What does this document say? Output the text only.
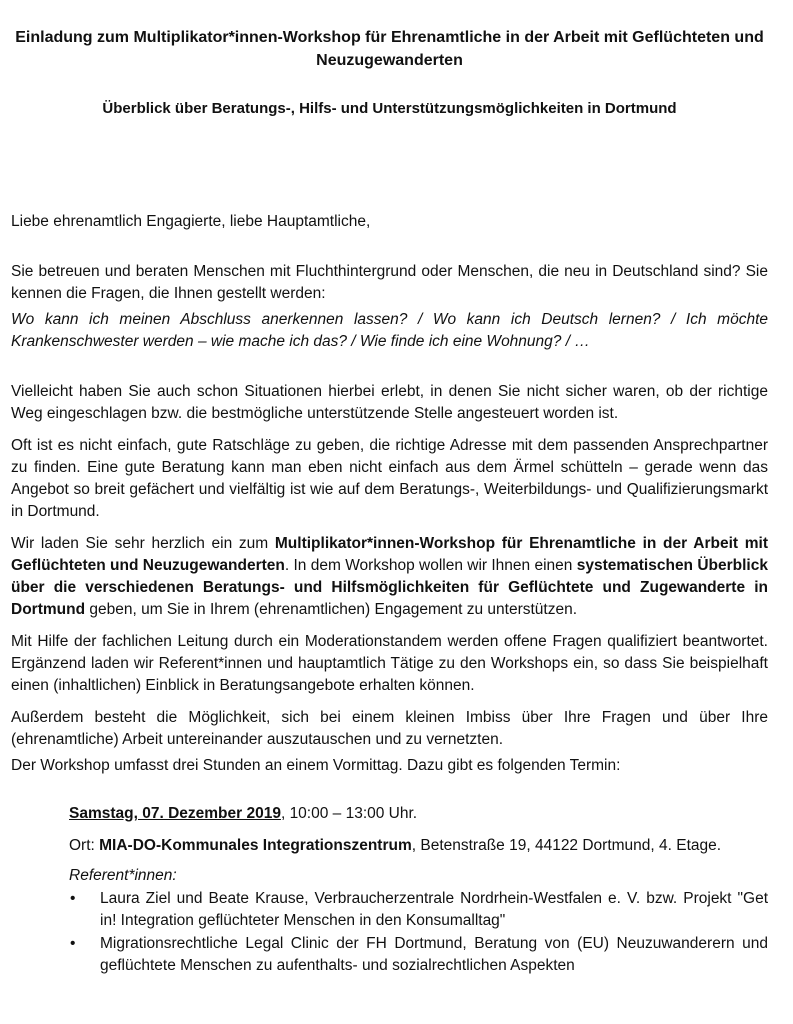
Einladung zum Multiplikator*innen-Workshop für Ehrenamtliche in der Arbeit mit Geflüchteten und Neuzugewanderten
Überblick über Beratungs-, Hilfs- und Unterstützungsmöglichkeiten in Dortmund

Liebe ehrenamtlich Engagierte, liebe Hauptamtliche,

Sie betreuen und beraten Menschen mit Fluchthintergrund oder Menschen, die neu in Deutschland sind? Sie kennen die Fragen, die Ihnen gestellt werden:

Wo kann ich meinen Abschluss anerkennen lassen? / Wo kann ich Deutsch lernen? / Ich möchte Krankenschwester werden – wie mache ich das? / Wie finde ich eine Wohnung? / …

Vielleicht haben Sie auch schon Situationen hierbei erlebt, in denen Sie nicht sicher waren, ob der richtige Weg eingeschlagen bzw. die bestmögliche unterstützende Stelle angesteuert worden ist.

Oft ist es nicht einfach, gute Ratschläge zu geben, die richtige Adresse mit dem passenden Ansprechpartner zu finden. Eine gute Beratung kann man eben nicht einfach aus dem Ärmel schütteln – gerade wenn das Angebot so breit gefächert und vielfältig ist wie auf dem Beratungs-, Weiterbildungs- und Qualifizierungsmarkt in Dortmund.

Wir laden Sie sehr herzlich ein zum Multiplikator*innen-Workshop für Ehrenamtliche in der Arbeit mit Geflüchteten und Neuzugewanderten. In dem Workshop wollen wir Ihnen einen systematischen Überblick über die verschiedenen Beratungs- und Hilfsmöglichkeiten für Geflüchtete und Zugewanderte in Dortmund geben, um Sie in Ihrem (ehrenamtlichen) Engagement zu unterstützen.

Mit Hilfe der fachlichen Leitung durch ein Moderationstandem werden offene Fragen qualifiziert beantwortet. Ergänzend laden wir Referent*innen und hauptamtlich Tätige zu den Workshops ein, so dass Sie beispielhaft einen (inhaltlichen) Einblick in Beratungsangebote erhalten können.

Außerdem besteht die Möglichkeit, sich bei einem kleinen Imbiss über Ihre Fragen und über Ihre (ehrenamtliche) Arbeit untereinander auszutauschen und zu vernetzten.

Der Workshop umfasst drei Stunden an einem Vormittag. Dazu gibt es folgenden Termin:

Samstag, 07. Dezember 2019, 10:00 – 13:00 Uhr.

Ort: MIA-DO-Kommunales Integrationszentrum, Betenstraße 19, 44122 Dortmund, 4. Etage.

Referent*innen:

• Laura Ziel und Beate Krause, Verbraucherzentrale Nordrhein-Westfalen e. V. bzw. Projekt "Get in! Integration geflüchteter Menschen in den Konsumalltag"
• Migrationsrechtliche Legal Clinic der FH Dortmund, Beratung von (EU) Neuzuwanderern und geflüchtete Menschen zu aufenthalts- und sozialrechtlichen Aspekten
